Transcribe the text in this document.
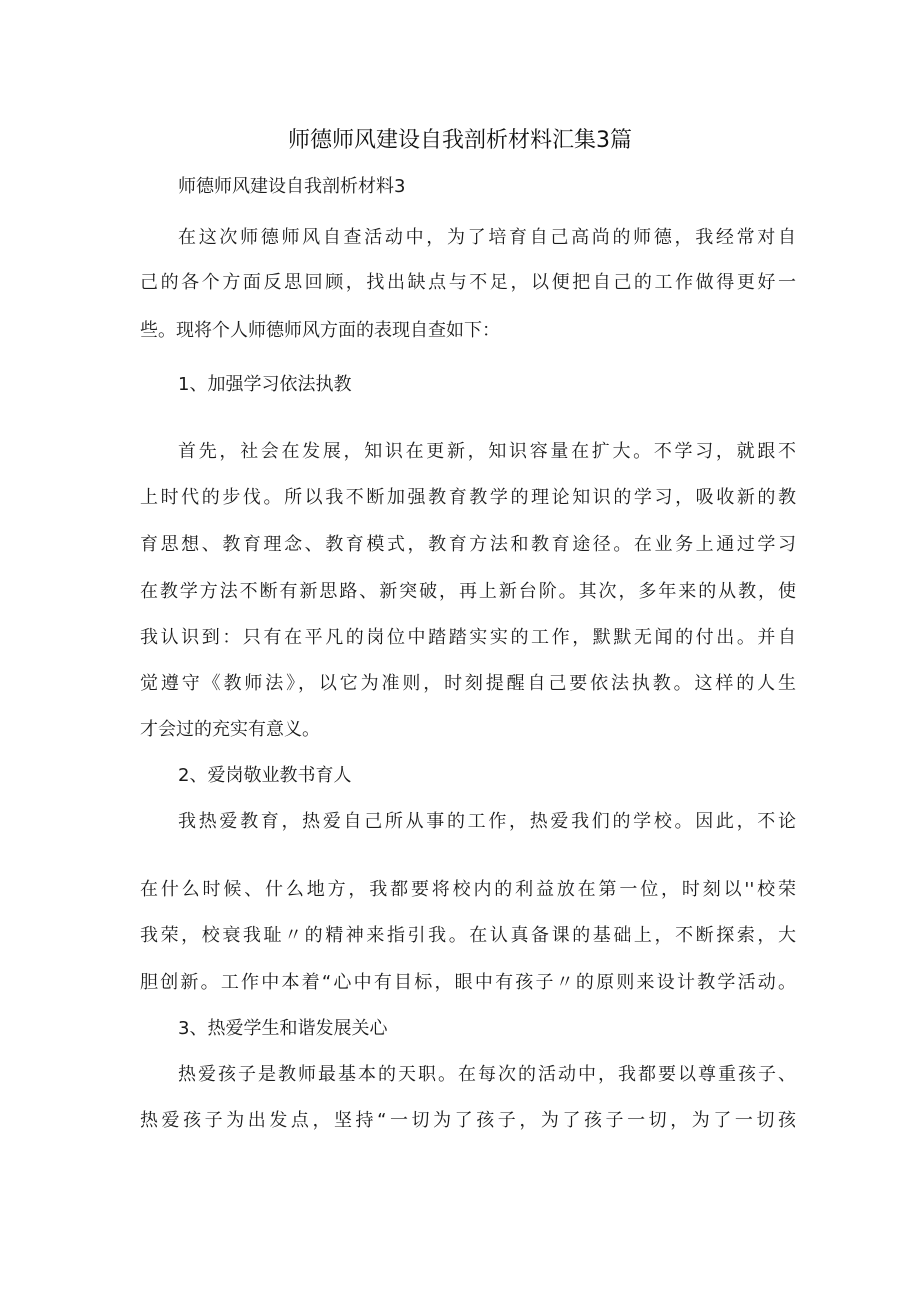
师德师风建设自我剖析材料汇集3篇
师德师风建设自我剖析材料3
在这次师德师风自查活动中，为了培育自己高尚的师德，我经常对自
己的各个方面反思回顾，找出缺点与不足，以便把自己的工作做得更好一
些。现将个人师德师风方面的表现自查如下：
1、加强学习依法执教
首先，社会在发展，知识在更新，知识容量在扩大。不学习，就跟不
上时代的步伐。所以我不断加强教育教学的理论知识的学习，吸收新的教
育思想、教育理念、教育模式，教育方法和教育途径。在业务上通过学习
在教学方法不断有新思路、新突破，再上新台阶。其次，多年来的从教，使
我认识到：只有在平凡的岗位中踏踏实实的工作，默默无闻的付出。并自
觉遵守《教师法》，以它为准则，时刻提醒自己要依法执教。这样的人生
才会过的充实有意义。
2、爱岗敬业教书育人
我热爱教育，热爱自己所从事的工作，热爱我们的学校。因此，不论
在什么时候、什么地方，我都要将校内的利益放在第一位，时刻以''校荣
我荣，校衰我耻〃的精神来指引我。在认真备课的基础上，不断探索，大
胆创新。工作中本着“心中有目标，眼中有孩子〃的原则来设计教学活动。
3、热爱学生和谐发展关心
热爱孩子是教师最基本的天职。在每次的活动中，我都要以尊重孩子、
热爱孩子为出发点，坚持“一切为了孩子，为了孩子一切，为了一切孩
